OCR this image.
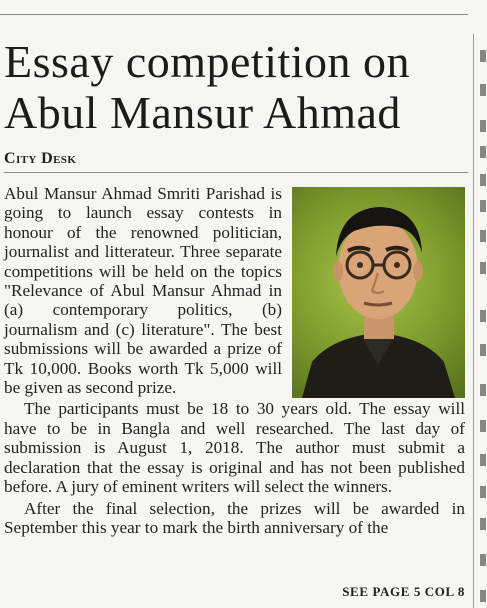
Essay competition on Abul Mansur Ahmad
City Desk

Abul Mansur Ahmad Smriti Parishad is going to launch essay contests in honour of the renowned politician, journalist and litterateur. Three separate competitions will be held on the topics "Relevance of Abul Mansur Ahmad in (a) contemporary politics, (b) journalism and (c) literature". The best submissions will be awarded a prize of Tk 10,000. Books worth Tk 5,000 will be given as second prize.

The participants must be 18 to 30 years old. The essay will have to be in Bangla and well researched. The last day of submission is August 1, 2018. The author must submit a declaration that the essay is original and has not been published before. A jury of eminent writers will select the winners.

After the final selection, the prizes will be awarded in September this year to mark the birth anniversary of the

SEE PAGE 5 COL 8
